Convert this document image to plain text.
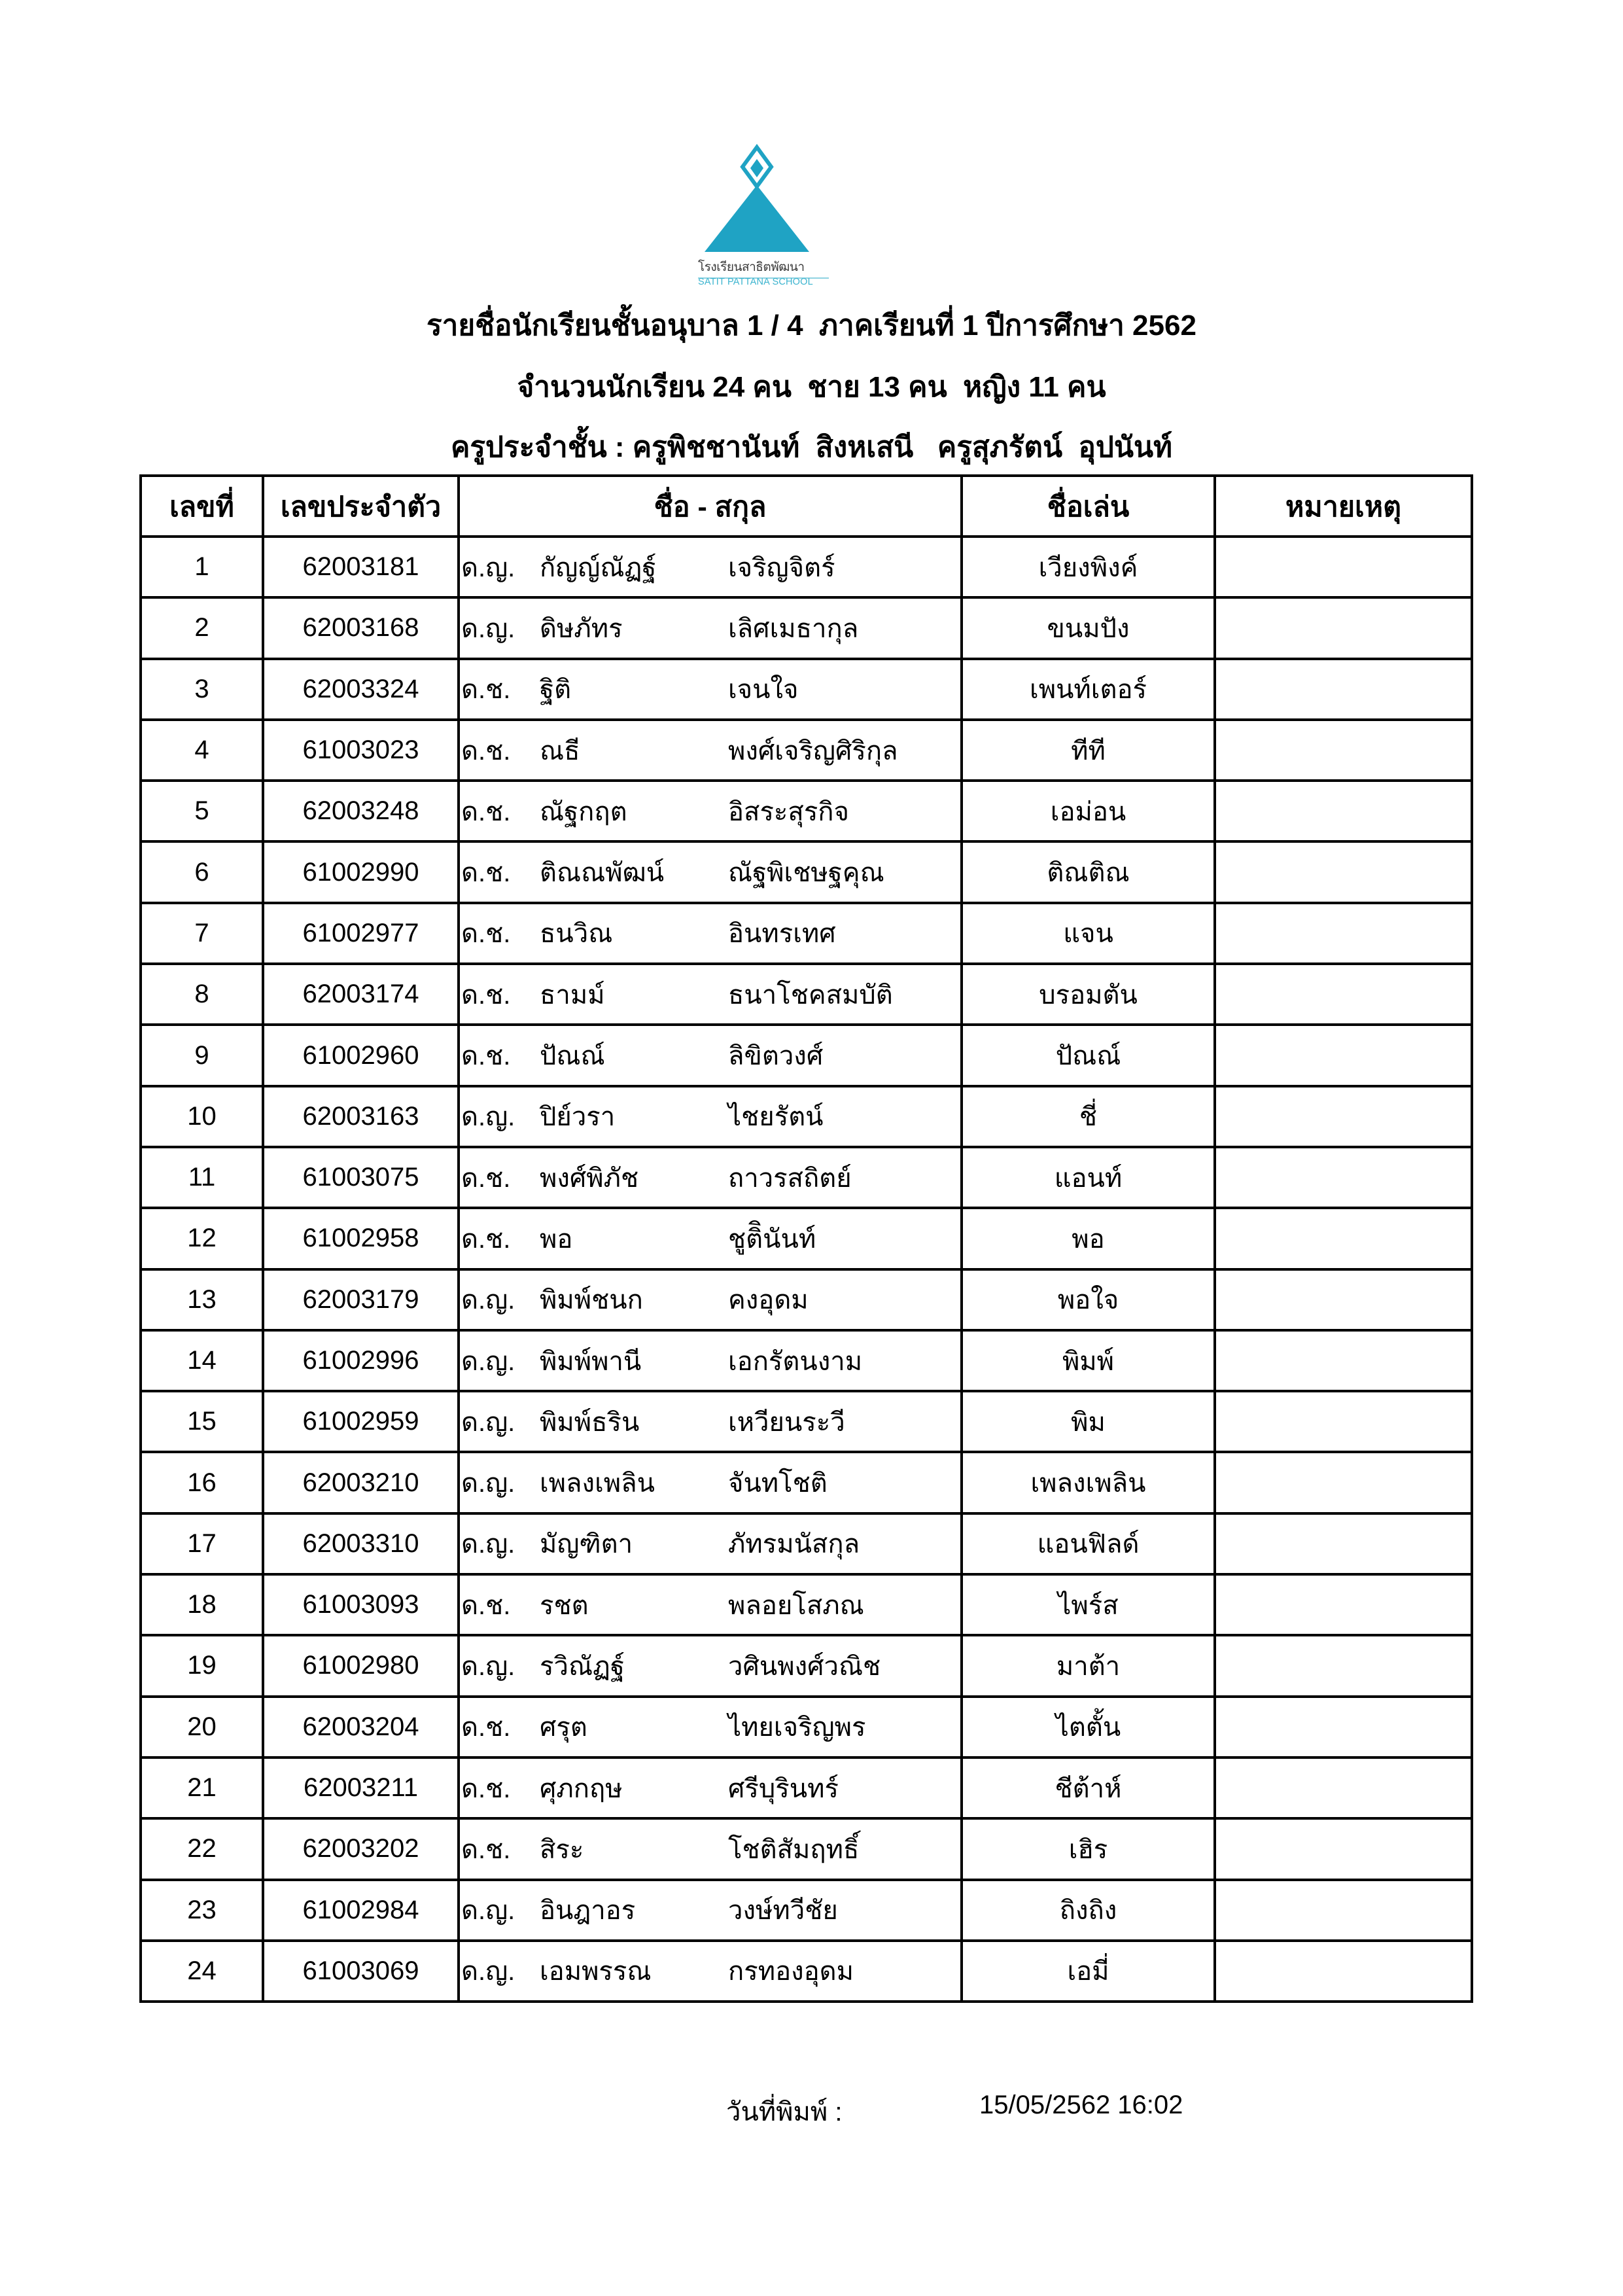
โรงเรียนสาธิตพัฒนา
SATIT PATTANA SCHOOL
รายชื่อนักเรียนชั้นอนุบาล 1 / 4  ภาคเรียนที่ 1 ปีการศึกษา 2562
จำนวนนักเรียน 24 คน  ชาย 13 คน  หญิง 11 คน
ครูประจำชั้น : ครูพิชชานันท์  สิงหเสนี   ครูสุภรัตน์  อุปนันท์
เลขที่	เลขประจำตัว	ชื่อ - สกุล	ชื่อเล่น	หมายเหตุ
1	62003181	ด.ญ. กัญญ์ณัฏฐ์ เจริญจิตร์	เวียงพิงค์	
2	62003168	ด.ญ. ดิษภัทร เลิศเมธากุล	ขนมปัง	
3	62003324	ด.ช. ฐิติ เจนใจ	เพนท์เตอร์	
4	61003023	ด.ช. ณธี พงศ์เจริญศิริกุล	ทีที	
5	62003248	ด.ช. ณัฐกฤต อิสระสุรกิจ	เอม่อน	
6	61002990	ด.ช. ติณณพัฒน์ ณัฐพิเชษฐคุณ	ติณติณ	
7	61002977	ด.ช. ธนวิณ อินทรเทศ	แจน	
8	62003174	ด.ช. ธามม์ ธนาโชคสมบัติ	บรอมตัน	
9	61002960	ด.ช. ปัณณ์ ลิขิตวงศ์	ปัณณ์	
10	62003163	ด.ญ. ปิย์วรา ไชยรัตน์	ชี่	
11	61003075	ด.ช. พงศ์พิภัช ถาวรสถิตย์	แอนท์	
12	61002958	ด.ช. พอ ชูติินันท์	พอ	
13	62003179	ด.ญ. พิมพ์ชนก คงอุดม	พอใจ	
14	61002996	ด.ญ. พิมพ์พานี เอกรัตนงาม	พิมพ์	
15	61002959	ด.ญ. พิมพ์ธริน เหวียนระวี	พิม	
16	62003210	ด.ญ. เพลงเพลิน จันทโชติ	เพลงเพลิน	
17	62003310	ด.ญ. มัญฑิตา ภัทรมนัสกุล	แอนฟิลด์	
18	61003093	ด.ช. รชต พลอยโสภณ	ไพร์ส	
19	61002980	ด.ญ. รวิณัฏฐ์ วศินพงศ์วณิช	มาต้า	
20	62003204	ด.ช. ศรุต ไทยเจริญพร	ไตตั้น	
21	62003211	ด.ช. ศุภกฤษ ศรีบุรินทร์	ชีต้าห์	
22	62003202	ด.ช. สิระ โชติสัมฤทธิ์	เฮิร	
23	61002984	ด.ญ. อินฎาอร วงษ์ทวีชัย	ถิงถิง	
24	61003069	ด.ญ. เอมพรรณ กรทองอุดม	เอมี่	
วันที่พิมพ์ :	15/05/2562 16:02
